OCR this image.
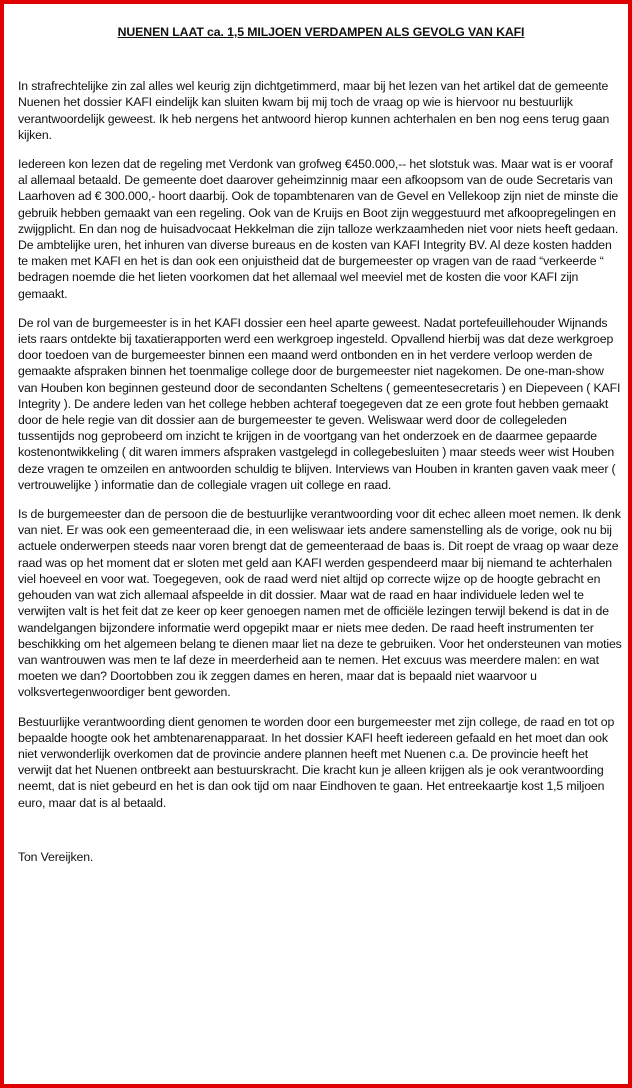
NUENEN LAAT ca. 1,5 MILJOEN VERDAMPEN ALS GEVOLG VAN KAFI

In strafrechtelijke zin zal alles wel keurig zijn dichtgetimmerd, maar bij het lezen van het artikel dat de gemeente Nuenen het dossier KAFI eindelijk kan sluiten kwam bij mij toch de vraag op wie is hiervoor nu bestuurlijk verantwoordelijk geweest. Ik heb nergens het antwoord hierop kunnen achterhalen en ben nog eens terug gaan kijken.

Iedereen kon lezen dat de regeling met Verdonk van grofweg €450.000,-- het slotstuk was. Maar wat is er vooraf al allemaal betaald. De gemeente doet daarover geheimzinnig maar een afkoopsom van de oude Secretaris van Laarhoven ad € 300.000,- hoort daarbij. Ook de topambtenaren van de Gevel en Vellekoop zijn niet de minste die gebruik hebben gemaakt van een regeling. Ook van de Kruijs en Boot zijn weggestuurd met afkoopregelingen en zwijgplicht. En dan nog de huisadvocaat Hekkelman die zijn talloze werkzaamheden niet voor niets heeft gedaan. De ambtelijke uren, het inhuren van diverse bureaus en de kosten van KAFI Integrity BV. Al deze kosten hadden te maken met KAFI en het is dan ook een onjuistheid dat de burgemeester op vragen van de raad “verkeerde “ bedragen noemde die het lieten voorkomen dat het allemaal wel meeviel met de kosten die voor KAFI zijn gemaakt.

De rol van de burgemeester is in het KAFI dossier een heel aparte geweest. Nadat portefeuillehouder Wijnands iets raars ontdekte bij taxatierapporten werd een werkgroep ingesteld. Opvallend hierbij was dat deze werkgroep door toedoen van de burgemeester binnen een maand werd ontbonden en in het verdere verloop werden de gemaakte afspraken binnen het toenmalige college door de burgemeester niet nagekomen. De one-man-show van Houben kon beginnen gesteund door de secondanten Scheltens ( gemeentesecretaris ) en Diepeveen ( KAFI Integrity ). De andere leden van het college hebben achteraf toegegeven dat ze een grote fout hebben gemaakt door de hele regie van dit dossier aan de burgemeester te geven. Weliswaar werd door de collegeleden tussentijds nog geprobeerd om inzicht te krijgen in de voortgang van het onderzoek en de daarmee gepaarde kostenontwikkeling ( dit waren immers afspraken vastgelegd in collegebesluiten ) maar steeds weer wist Houben deze vragen te omzeilen en antwoorden schuldig te blijven. Interviews van Houben in kranten gaven vaak meer ( vertrouwelijke ) informatie dan de collegiale vragen uit college en raad.

Is de burgemeester dan de persoon die de bestuurlijke verantwoording voor dit echec alleen moet nemen. Ik denk van niet. Er was ook een gemeenteraad die, in een weliswaar iets andere samenstelling als de vorige, ook nu bij actuele onderwerpen steeds naar voren brengt dat de gemeenteraad de baas is. Dit roept de vraag op waar deze raad was op het moment dat er sloten met geld aan KAFI werden gespendeerd maar bij niemand te achterhalen viel hoeveel en voor wat. Toegegeven, ook de raad werd niet altijd op correcte wijze op de hoogte gebracht en gehouden van wat zich allemaal afspeelde in dit dossier. Maar wat de raad en haar individuele leden wel te verwijten valt is het feit dat ze keer op keer genoegen namen met de officiële lezingen terwijl bekend is dat in de wandelgangen bijzondere informatie werd opgepikt maar er niets mee deden. De raad heeft instrumenten ter beschikking om het algemeen belang te dienen maar liet na deze te gebruiken. Voor het ondersteunen van moties van wantrouwen was men te laf deze in meerderheid aan te nemen. Het excuus was meerdere malen: en wat moeten we dan? Doortobben zou ik zeggen dames en heren, maar dat is bepaald niet waarvoor u volksvertegenwoordiger bent geworden.

Bestuurlijke verantwoording dient genomen te worden door een burgemeester met zijn college, de raad en tot op bepaalde hoogte ook het ambtenarenapparaat. In het dossier KAFI heeft iedereen gefaald en het moet dan ook niet verwonderlijk overkomen dat de provincie andere plannen heeft met Nuenen c.a. De provincie heeft het verwijt dat het Nuenen ontbreekt aan bestuurskracht. Die kracht kun je alleen krijgen als je ook verantwoording neemt, dat is niet gebeurd en het is dan ook tijd om naar Eindhoven te gaan. Het entreekaartje kost 1,5 miljoen euro, maar dat is al betaald.

Ton Vereijken.
